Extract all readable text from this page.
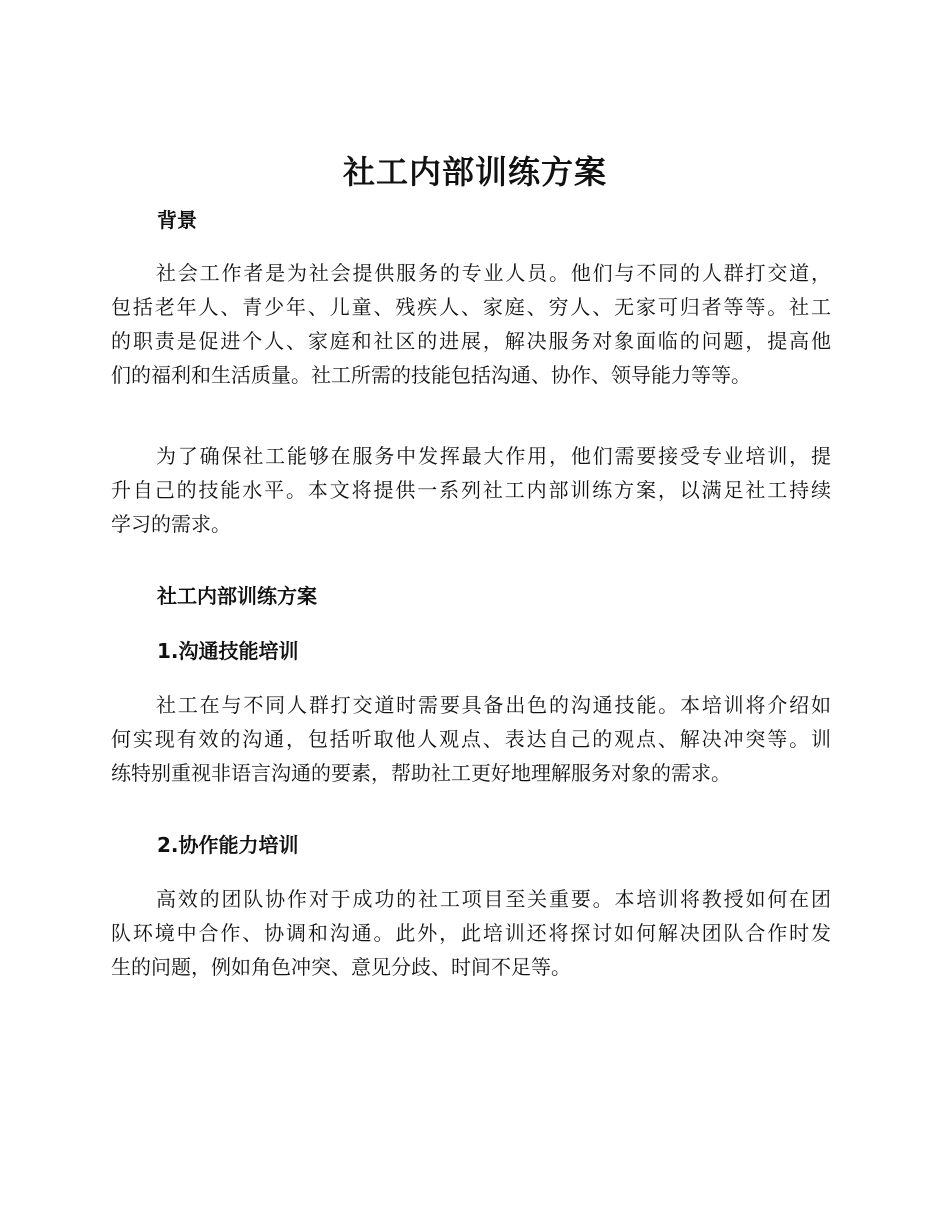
社工内部训练方案
背景
社会工作者是为社会提供服务的专业人员。他们与不同的人群打交道，
包括老年人、青少年、儿童、残疾人、家庭、穷人、无家可归者等等。社工
的职责是促进个人、家庭和社区的进展，解决服务对象面临的问题，提高他
们的福利和生活质量。社工所需的技能包括沟通、协作、领导能力等等。
为了确保社工能够在服务中发挥最大作用，他们需要接受专业培训，提
升自己的技能水平。本文将提供一系列社工内部训练方案，以满足社工持续
学习的需求。
社工内部训练方案
1.沟通技能培训
社工在与不同人群打交道时需要具备出色的沟通技能。本培训将介绍如
何实现有效的沟通，包括听取他人观点、表达自己的观点、解决冲突等。训
练特别重视非语言沟通的要素，帮助社工更好地理解服务对象的需求。
2.协作能力培训
高效的团队协作对于成功的社工项目至关重要。本培训将教授如何在团
队环境中合作、协调和沟通。此外，此培训还将探讨如何解决团队合作时发
生的问题，例如角色冲突、意见分歧、时间不足等。
